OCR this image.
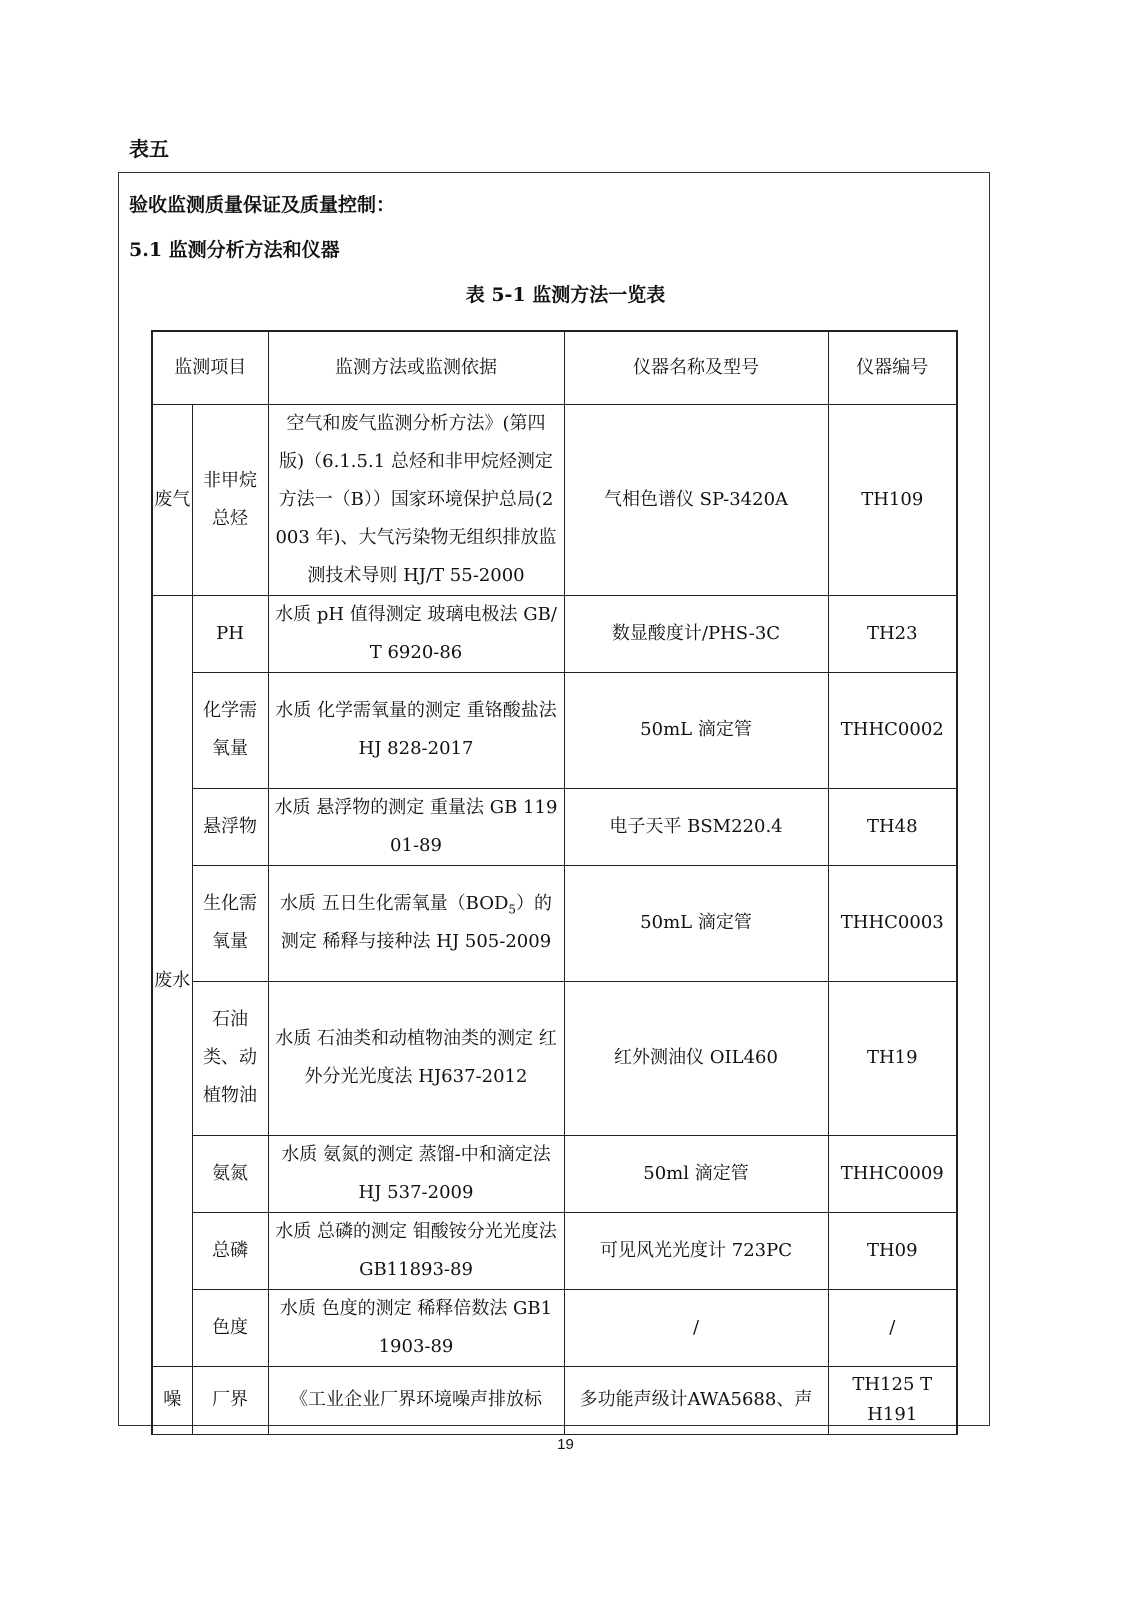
表五
验收监测质量保证及质量控制：
5.1 监测分析方法和仪器
表 5-1 监测方法一览表
监测项目		监测方法或监测依据	仪器名称及型号	仪器编号
废气	非甲烷总烃	空气和废气监测分析方法》(第四版)（6.1.5.1 总烃和非甲烷烃测定方法一（B））国家环境保护总局(2003 年)、大气污染物无组织排放监测技术导则 HJ/T 55-2000	气相色谱仪 SP-3420A	TH109
废水	PH	水质 pH 值得测定 玻璃电极法 GB/T 6920-86	数显酸度计/PHS-3C	TH23
	化学需氧量	水质 化学需氧量的测定 重铬酸盐法 HJ 828-2017	50mL 滴定管	THHC0002
	悬浮物	水质 悬浮物的测定 重量法 GB 11901-89	电子天平 BSM220.4	TH48
	生化需氧量	水质 五日生化需氧量$(BOD_5)$的测定 稀释与接种法 HJ 505-2009	50mL 滴定管	THHC0003
	石油类、动植物油	水质 石油类和动植物油类的测定 红外分光光度法 HJ637-2012	红外测油仪 OIL460	TH19
	氨氮	水质 氨氮的测定 蒸馏-中和滴定法 HJ 537-2009	50ml 滴定管	THHC0009
	总磷	水质 总磷的测定 钼酸铵分光光度法 GB11893-89	可见风光光度计 723PC	TH09
	色度	水质 色度的测定 稀释倍数法 GB11903-89	/	/
噪	厂界	《工业企业厂界环境噪声排放标	多功能声级计AWA5688、声	TH125 TH191
19
